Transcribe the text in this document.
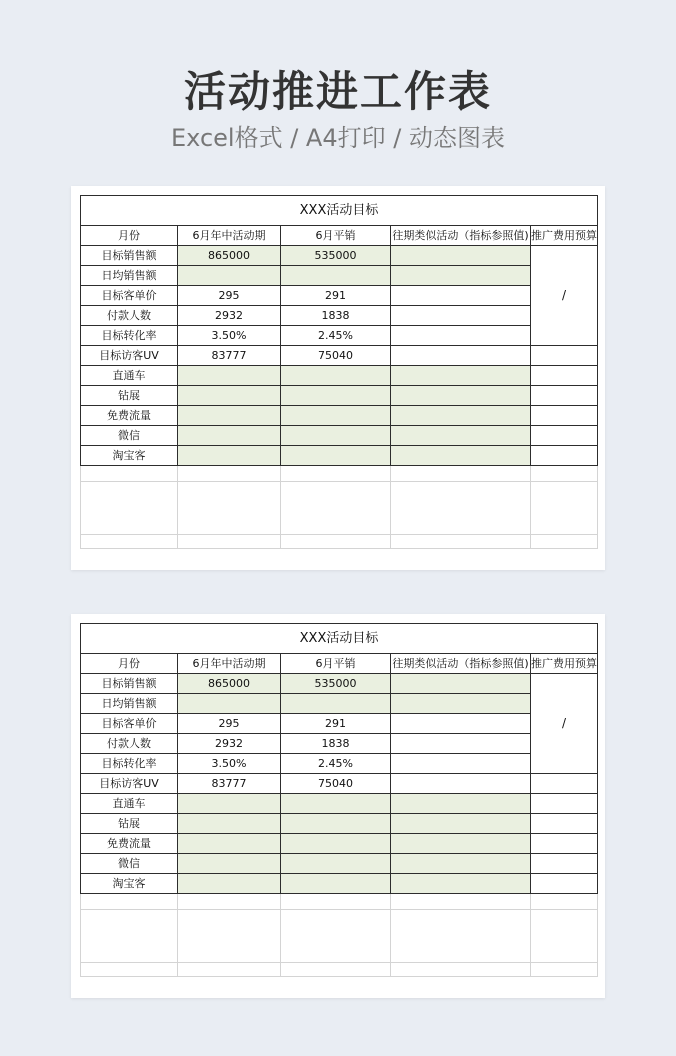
活动推进工作表
Excel格式 / A4打印 / 动态图表
XXX活动目标				
月份	6月年中活动期	6月平销	往期类似活动（指标参照值)	推广费用预算
目标销售额	865000	535000		/
日均销售额				
目标客单价	295	291		
付款人数	2932	1838		
目标转化率	3.50%	2.45%		
目标访客UV	83777	75040		
直通车				
钻展				
免费流量				
微信				
淘宝客				

XXX活动目标				
月份	6月年中活动期	6月平销	往期类似活动（指标参照值)	推广费用预算
目标销售额	865000	535000		/
日均销售额				
目标客单价	295	291		
付款人数	2932	1838		
目标转化率	3.50%	2.45%		
目标访客UV	83777	75040		
直通车				
钻展				
免费流量				
微信				
淘宝客				
